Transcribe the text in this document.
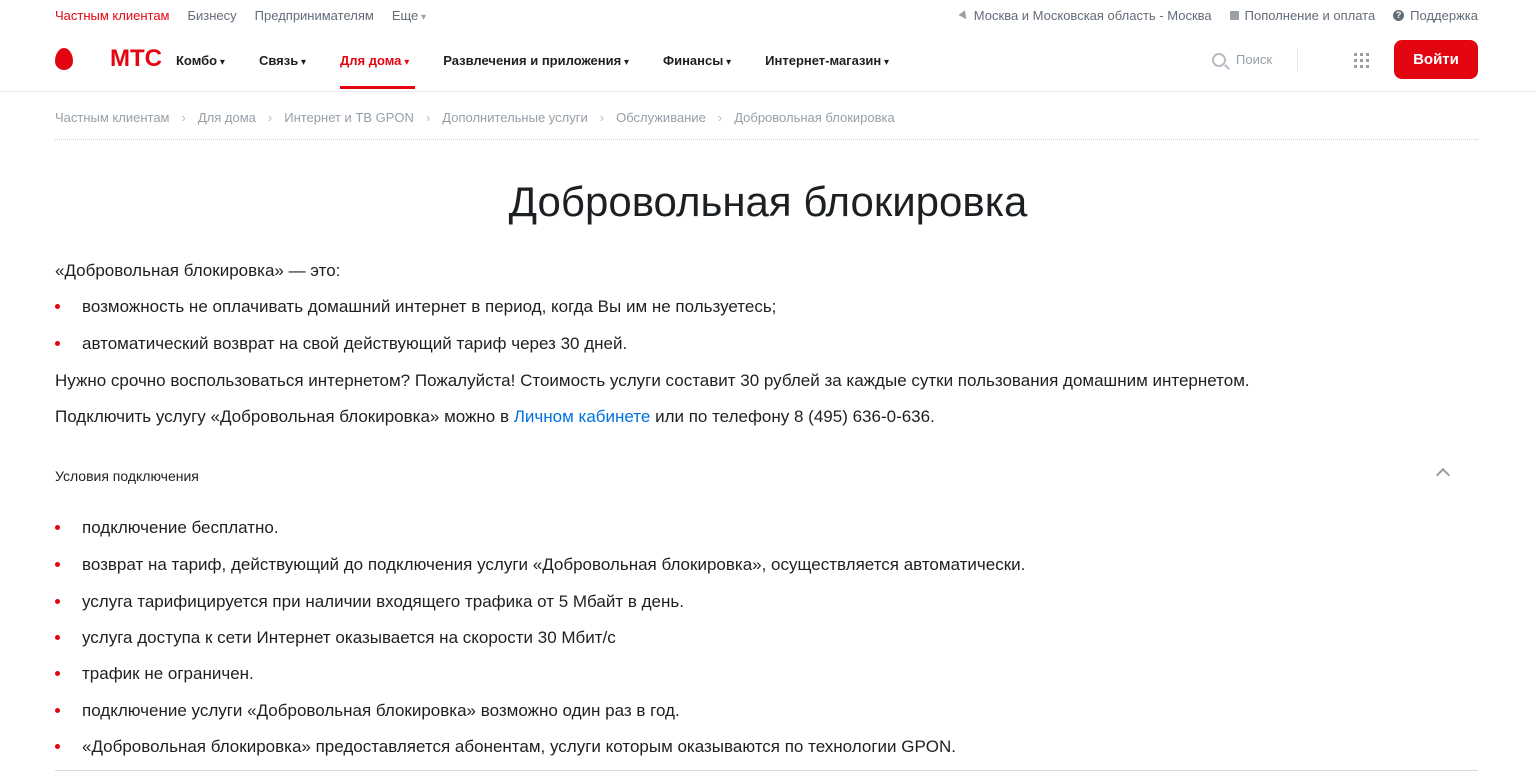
Частным клиентам Бизнесу Предпринимателям Еще ▾	Москва и Московская область - Москва	Пополнение и оплата	? Поддержка
МТС Комбо ▾	Связь ▾	Для дома
▾	Развлечения и приложения ▾	Финансы ▾	Интернет-магазин ▾	Поиск	Войти
Частным клиентам › Для дома › Интернет и ТВ GPON › Дополнительные услуги › Обслуживание › Добровольная блокировка
Добровольная блокировка
«Добровольная блокировка» — это:
возможность не оплачивать домашний интернет в период, когда Вы им не пользуетесь;
автоматический возврат на свой действующий тариф через 30 дней.
Нужно срочно воспользоваться интернетом? Пожалуйста! Стоимость услуги составит 30 рублей за каждые сутки пользования домашним интернетом.
Подключить услугу «Добровольная блокировка» можно в Личном кабинете или по телефону 8 (495) 636-0-636.
Условия подключения
подключение бесплатно.
возврат на тариф, действующий до подключения услуги «Добровольная блокировка», осуществляется автоматически.
услуга тарифицируется при наличии входящего трафика от 5 Мбайт в день.
услуга доступа к сети Интернет оказывается на скорости 30 Мбит/с
трафик не ограничен.
подключение услуги «Добровольная блокировка» возможно один раз в год.
«Добровольная блокировка» предоставляется абонентам, услуги которым оказываются по технологии GPON.
